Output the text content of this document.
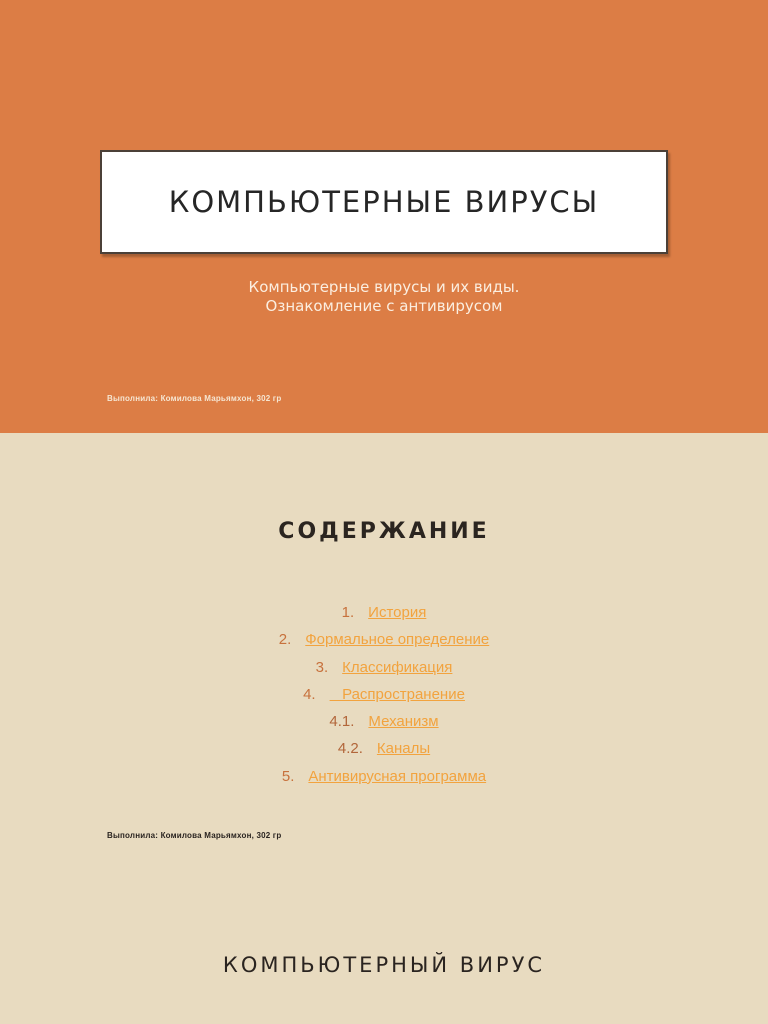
КОМПЬЮТЕРНЫЕ ВИРУСЫ
Компьютерные вирусы и их виды.
Ознакомление с антивирусом
Выполнила: Комилова Марьямхон, 302 гр
СОДЕРЖАНИЕ
1. История
2. Формальное определение
3. Классификация
4.   Распространение
4.1. Механизм
4.2. Каналы
5. Антивирусная программа
Выполнила: Комилова Марьямхон, 302 гр
КОМПЬЮТЕРНЫЙ ВИРУС
